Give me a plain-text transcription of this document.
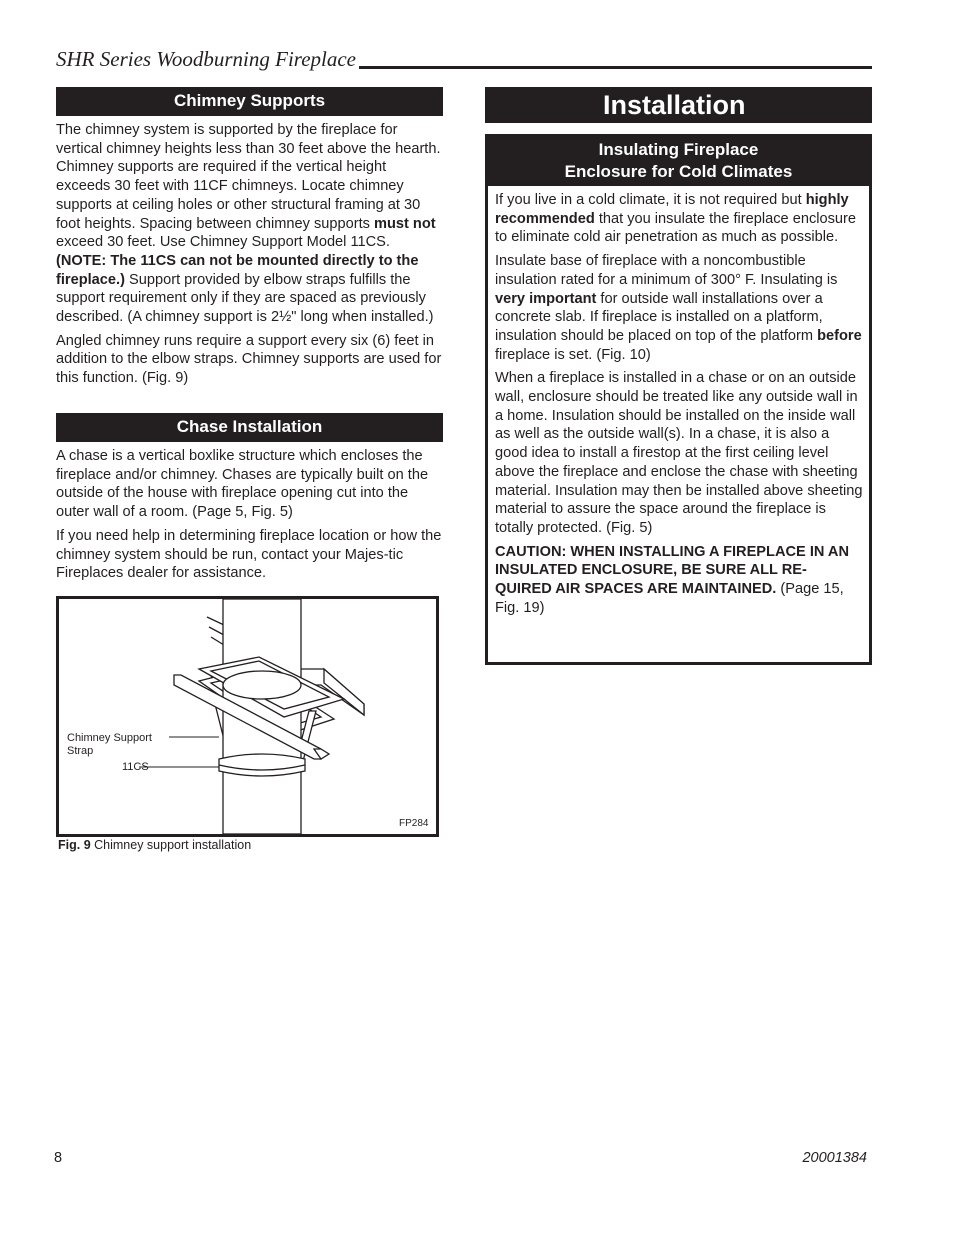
SHR Series Woodburning Fireplace
Chimney Supports

The chimney system is supported by the fireplace for vertical chimney heights less than 30 feet above the hearth. Chimney supports are required if the vertical height exceeds 30 feet with 11CF chimneys. Locate chimney supports at ceiling holes or other structural framing at 30 foot heights. Spacing between chimney supports must not exceed 30 feet. Use Chimney Support Model 11CS. (NOTE: The 11CS can not be mounted directly to the fireplace.) Support provided by elbow straps fulfills the support requirement only if they are spaced as previously described. (A chimney support is 2½" long when installed.)

Angled chimney runs require a support every six (6) feet in addition to the elbow straps. Chimney supports are used for this function. (Fig. 9)

Chase Installation

A chase is a vertical boxlike structure which encloses the fireplace and/or chimney. Chases are typically built on the outside of the house with fireplace opening cut into the outer wall of a room. (Page 5, Fig. 5)

If you need help in determining fireplace location or how the chimney system should be run, contact your Majes-tic Fireplaces dealer for assistance.

Chimney Support
Strap
11CS
FP284
Fig. 9 Chimney support installation
Installation
Insulating Fireplace
Enclosure for Cold Climates

If you live in a cold climate, it is not required but highly recommended that you insulate the fireplace enclosure to eliminate cold air penetration as much as possible.

Insulate base of fireplace with a noncombustible insulation rated for a minimum of 300° F. Insulating is very important for outside wall installations over a concrete slab. If fireplace is installed on a platform, insulation should be placed on top of the platform before fireplace is set. (Fig. 10)

When a fireplace is installed in a chase or on an outside wall, enclosure should be treated like any outside wall in a home. Insulation should be installed on the inside wall as well as the outside wall(s). In a chase, it is also a good idea to install a firestop at the first ceiling level above the fireplace and enclose the chase with sheeting material. Insulation may then be installed above sheeting material to assure the space around the fireplace is totally protected. (Fig. 5)

CAUTION: WHEN INSTALLING A FIREPLACE IN AN INSULATED ENCLOSURE, BE SURE ALL RE-QUIRED AIR SPACES ARE MAINTAINED. (Page 15, Fig. 19)

8	20001384
